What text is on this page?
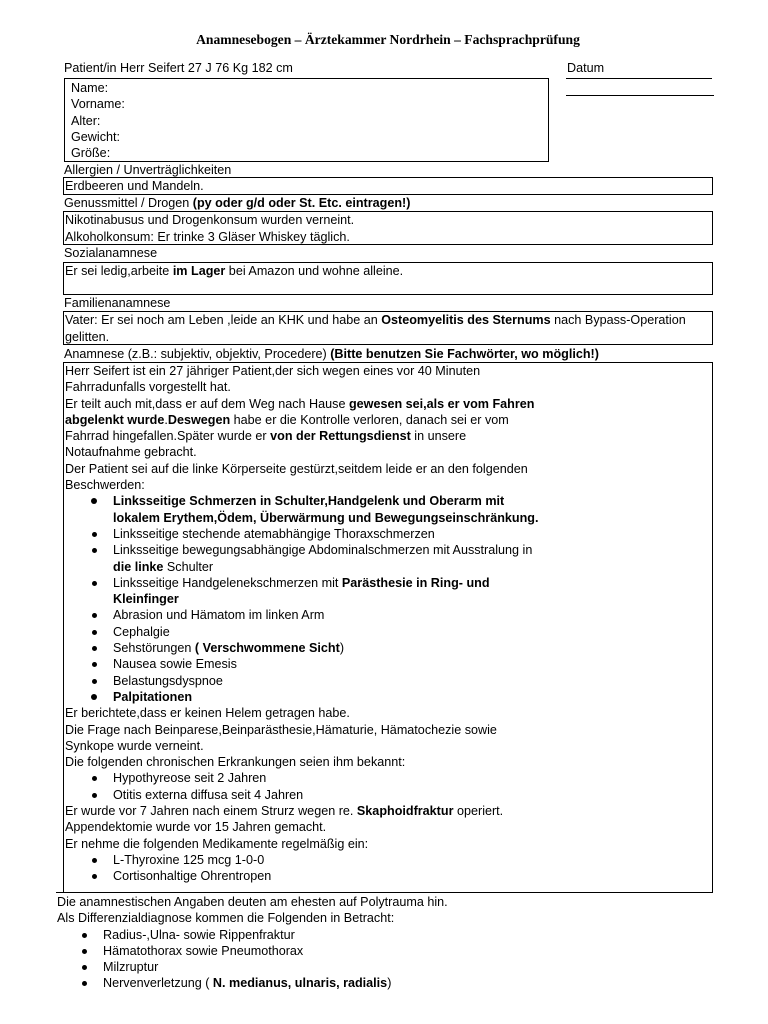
Anamnesebogen – Ärztekammer Nordrhein – Fachsprachprüfung
Patient/in Herr Seifert 27 J 76 Kg 182 cm	Datum
Name:
Vorname:
Alter:
Gewicht:
Größe:
Allergien / Unverträglichkeiten
Erdbeeren und Mandeln.
Genussmittel / Drogen (py oder g/d oder St. Etc. eintragen!)
Nikotinabusus und Drogenkonsum wurden verneint.
Alkoholkonsum: Er trinke 3 Gläser Whiskey täglich.
Sozialanamnese
Er sei ledig,arbeite im Lager bei Amazon und wohne alleine.
Familienanamnese
Vater: Er sei noch am Leben ,leide an KHK und habe an Osteomyelitis des Sternums nach Bypass-Operation gelitten.
Anamnese (z.B.: subjektiv, objektiv, Procedere) (Bitte benutzen Sie Fachwörter, wo möglich!)

Herr Seifert ist ein 27 jähriger Patient,der sich wegen eines vor 40 Minuten Fahrradunfalls vorgestellt hat.

Er teilt auch mit,dass er auf dem Weg nach Hause gewesen sei,als er vom Fahren abgelenkt wurde.Deswegen habe er die Kontrolle verloren, danach sei er vom Fahrrad hingefallen.Später wurde er von der Rettungsdienst in unsere Notaufnahme gebracht.

Der Patient sei auf die linke Körperseite gestürzt,seitdem leide er an den folgenden Beschwerden:

Linksseitige Schmerzen in Schulter,Handgelenk und Oberarm mit lokalem Erythem,Ödem, Überwärmung und Bewegungseinschränkung.
Linksseitige stechende atemabhängige Thoraxschmerzen
Linksseitige bewegungsabhängige Abdominalschmerzen mit Ausstralung in die linke Schulter
Linksseitige Handgelenekschmerzen mit Parästhesie in Ring- und Kleinfinger
Abrasion und Hämatom im linken Arm
Cephalgie
Sehstörungen ( Verschwommene Sicht)
Nausea sowie Emesis
Belastungsdyspnoe
Palpitationen

Er berichtete,dass er keinen Helem getragen habe.

Die Frage nach Beinparese,Beinparästhesie,Hämaturie, Hämatochezie sowie Synkope wurde verneint.

Die folgenden chronischen Erkrankungen seien ihm bekannt:

Hypothyreose seit 2 Jahren
Otitis externa diffusa seit 4 Jahren

Er wurde vor 7 Jahren nach einem Strurz wegen re. Skaphoidfraktur operiert.

Appendektomie wurde vor 15 Jahren gemacht.

Er nehme die folgenden Medikamente regelmäßig ein:

L-Thyroxine 125 mcg 1-0-0
Cortisonhaltige Ohrentropen

Die anamnestischen Angaben deuten am ehesten auf Polytrauma hin.

Als Differenzialdiagnose kommen die Folgenden in Betracht:

Radius-,Ulna- sowie Rippenfraktur
Hämatothorax sowie Pneumothorax
Milzruptur
Nervenverletzung ( N. medianus, ulnaris, radialis)
